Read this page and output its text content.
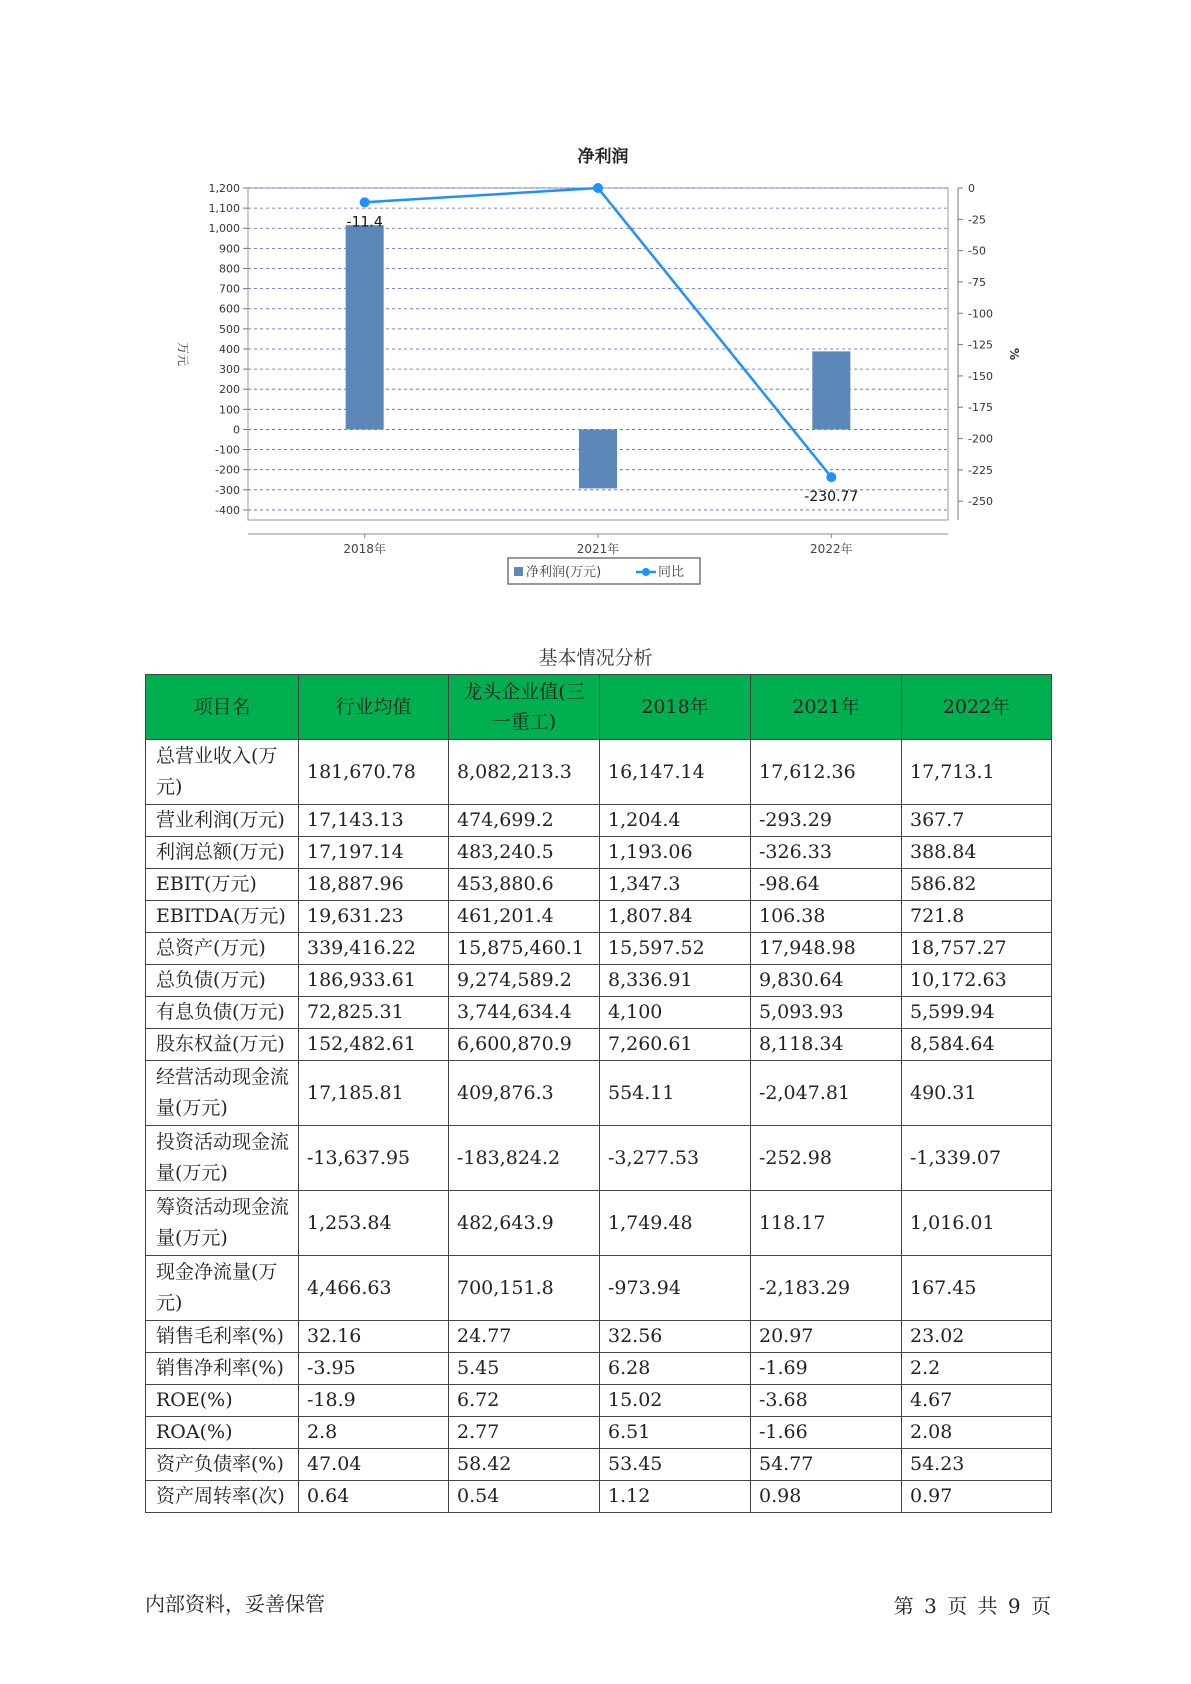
净利润
1,200
1,100
1,000
900
800
700
600
500
400
300
200
100
0
-100
-200
-300
-400
0
-25
-50
-75
-100
-125
-150
-175
-200
-225
-250
万元	%
2018年	2021年	2022年
-11.4
-230.77
净利润(万元)	同比
基本情况分析
项目名	行业均值	龙头企业值(三一重工)	2018年	2021年	2022年
总营业收入(万元)	181,670.78	8,082,213.3	16,147.14	17,612.36	17,713.1
营业利润(万元)	17,143.13	474,699.2	1,204.4	-293.29	367.7
利润总额(万元)	17,197.14	483,240.5	1,193.06	-326.33	388.84
EBIT(万元)	18,887.96	453,880.6	1,347.3	-98.64	586.82
EBITDA(万元)	19,631.23	461,201.4	1,807.84	106.38	721.8
总资产(万元)	339,416.22	15,875,460.1	15,597.52	17,948.98	18,757.27
总负债(万元)	186,933.61	9,274,589.2	8,336.91	9,830.64	10,172.63
有息负债(万元)	72,825.31	3,744,634.4	4,100	5,093.93	5,599.94
股东权益(万元)	152,482.61	6,600,870.9	7,260.61	8,118.34	8,584.64
经营活动现金流量(万元)	17,185.81	409,876.3	554.11	-2,047.81	490.31
投资活动现金流量(万元)	-13,637.95	-183,824.2	-3,277.53	-252.98	-1,339.07
筹资活动现金流量(万元)	1,253.84	482,643.9	1,749.48	118.17	1,016.01
现金净流量(万元)	4,466.63	700,151.8	-973.94	-2,183.29	167.45
销售毛利率(%)	32.16	24.77	32.56	20.97	23.02
销售净利率(%)	-3.95	5.45	6.28	-1.69	2.2
ROE(%)	-18.9	6.72	15.02	-3.68	4.67
ROA(%)	2.8	2.77	6.51	-1.66	2.08
资产负债率(%)	47.04	58.42	53.45	54.77	54.23
资产周转率(次)	0.64	0.54	1.12	0.98	0.97
内部资料，妥善保管	第 3 页 共 9 页
